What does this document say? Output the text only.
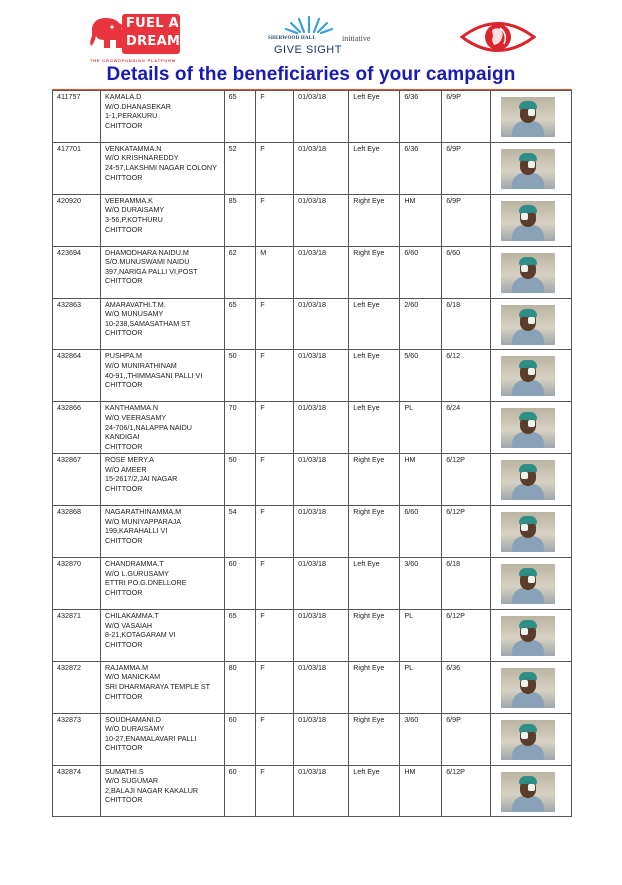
FUEL A
DREAM
THE CROWDFUNDING PLATFORM
SHERWOOD HALL
GIVE SIGHT
initiative
Details of the beneficiaries of your campaign
411757	KAMALA.D
W/O.DHANASEKAR
1-1,PERAKURU
CHITTOOR	65	F	01/03/18	Left Eye	6/36	6/9P	

417701	VENKATAMMA.N
W/O KRISHNAREDDY
24-57,LAKSHMI NAGAR COLONY
CHITTOOR	52	F	01/03/18	Left Eye	6/36	6/9P	

420920	VEERAMMA.K
W/O DURAISAMY
3-56,P,KOTHURU
CHITTOOR	85	F	01/03/18	Right Eye	HM	6/9P	

423694	DHAMODHARA NAIDU.M
S/O.MUNUSWAMI NAIDU
397,NARIGA PALLI VI,POST
CHITTOOR	62	M	01/03/18	Right Eye	6/60	6/60	

432863	AMARAVATHI.T.M.
W/O MUNUSAMY
10-238,SAMASATHAM ST
CHITTOOR	65	F	01/03/18	Left Eye	2/60	6/18	

432864	PUSHPA.M
W/O MUNIRATHINAM
40-91,,THIMMASANI PALLI VI
CHITTOOR	50	F	01/03/18	Left Eye	5/60	6/12	

432866	KANTHAMMA.N
W/O VEERASAMY
24-706/1,NALAPPA NAIDU
KANDIGAI
CHITTOOR	70	F	01/03/18	Left Eye	PL	6/24	

432867	ROSE MERY.A
W/O AMEER
15-2617/2,JAI NAGAR
CHITTOOR	50	F	01/03/18	Right Eye	HM	6/12P	

432868	NAGARATHINAMMA.M
W/O MUNIYAPPARAJA
199,KARAHALLI VI
CHITTOOR	54	F	01/03/18	Right Eye	6/60	6/12P	

432870	CHANDRAMMA.T
W/O L.GURUSAMY
ETTRI PO.G.DNELLORE
CHITTOOR	60	F	01/03/18	Left Eye	3/60	6/18	

432871	CHILAKAMMA.T
W/O VASAIAH
8-21,KOTAGARAM VI
CHITTOOR	65	F	01/03/18	Right Eye	PL	6/12P	

432872	RAJAMMA.M
W/O MANICKAM
SRI DHARMARAYA TEMPLE ST
CHITTOOR	80	F	01/03/18	Right Eye	PL	6/36	

432873	SOUDHAMANI.D
W/O DURAISAMY
10-27,ENAMALAVARI PALLI
CHITTOOR	60	F	01/03/18	Right Eye	3/60	6/9P	

432874	SUMATHI.S
W/O SUGUMAR
2,BALAJI NAGAR KAKALUR
CHITTOOR	60	F	01/03/18	Left Eye	HM	6/12P	
